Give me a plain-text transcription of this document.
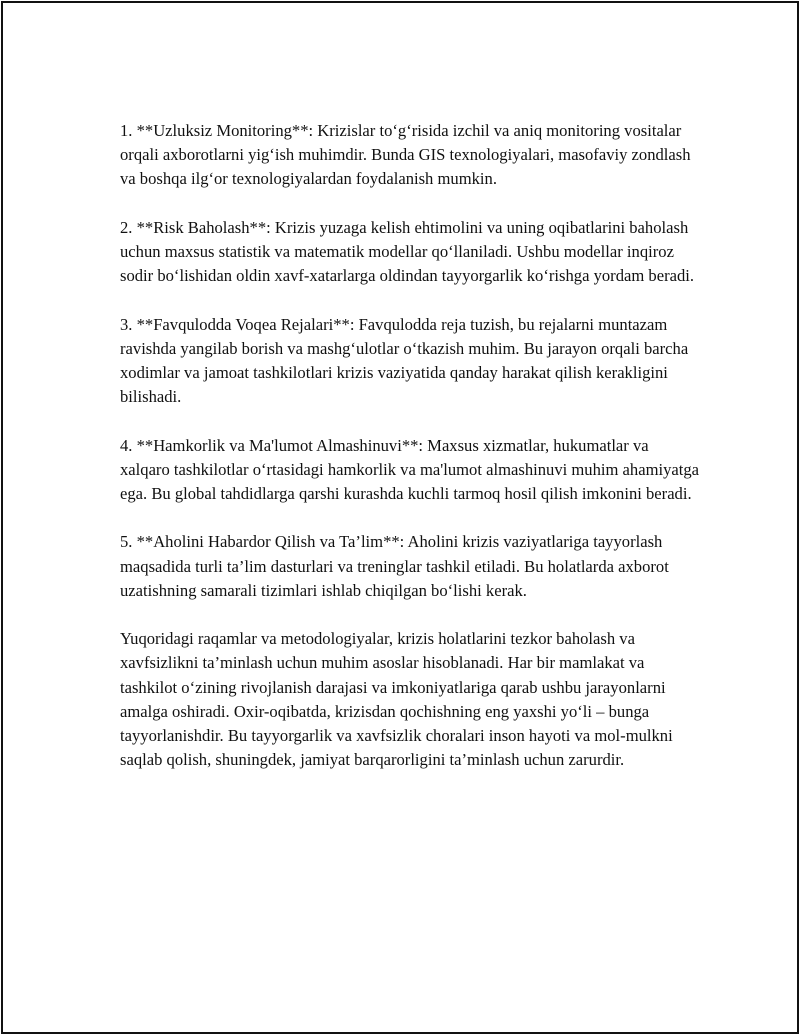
1. **Uzluksiz Monitoring**: Krizislar to‘g‘risida izchil va aniq monitoring vositalar orqali axborotlarni yig‘ish muhimdir. Bunda GIS texnologiyalari, masofaviy zondlash va boshqa ilg‘or texnologiyalardan foydalanish mumkin.

2. **Risk Baholash**: Krizis yuzaga kelish ehtimolini va uning oqibatlarini baholash uchun maxsus statistik va matematik modellar qo‘llaniladi. Ushbu modellar inqiroz sodir bo‘lishidan oldin xavf-xatarlarga oldindan tayyorgarlik ko‘rishga yordam beradi.

3. **Favqulodda Voqea Rejalari**: Favqulodda reja tuzish, bu rejalarni muntazam ravishda yangilab borish va mashg‘ulotlar o‘tkazish muhim. Bu jarayon orqali barcha xodimlar va jamoat tashkilotlari krizis vaziyatida qanday harakat qilish kerakligini bilishadi.

4. **Hamkorlik va Ma'lumot Almashinuvi**: Maxsus xizmatlar, hukumatlar va xalqaro tashkilotlar o‘rtasidagi hamkorlik va ma'lumot almashinuvi muhim ahamiyatga ega. Bu global tahdidlarga qarshi kurashda kuchli tarmoq hosil qilish imkonini beradi.

5. **Aholini Habardor Qilish va Ta’lim**: Aholini krizis vaziyatlariga tayyorlash maqsadida turli ta’lim dasturlari va treninglar tashkil etiladi. Bu holatlarda axborot uzatishning samarali tizimlari ishlab chiqilgan bo‘lishi kerak.

Yuqoridagi raqamlar va metodologiyalar, krizis holatlarini tezkor baholash va xavfsizlikni ta’minlash uchun muhim asoslar hisoblanadi. Har bir mamlakat va tashkilot o‘zining rivojlanish darajasi va imkoniyatlariga qarab ushbu jarayonlarni amalga oshiradi. Oxir-oqibatda, krizisdan qochishning eng yaxshi yo‘li – bunga tayyorlanishdir. Bu tayyorgarlik va xavfsizlik choralari inson hayoti va mol-mulkni saqlab qolish, shuningdek, jamiyat barqarorligini ta’minlash uchun zarurdir.
